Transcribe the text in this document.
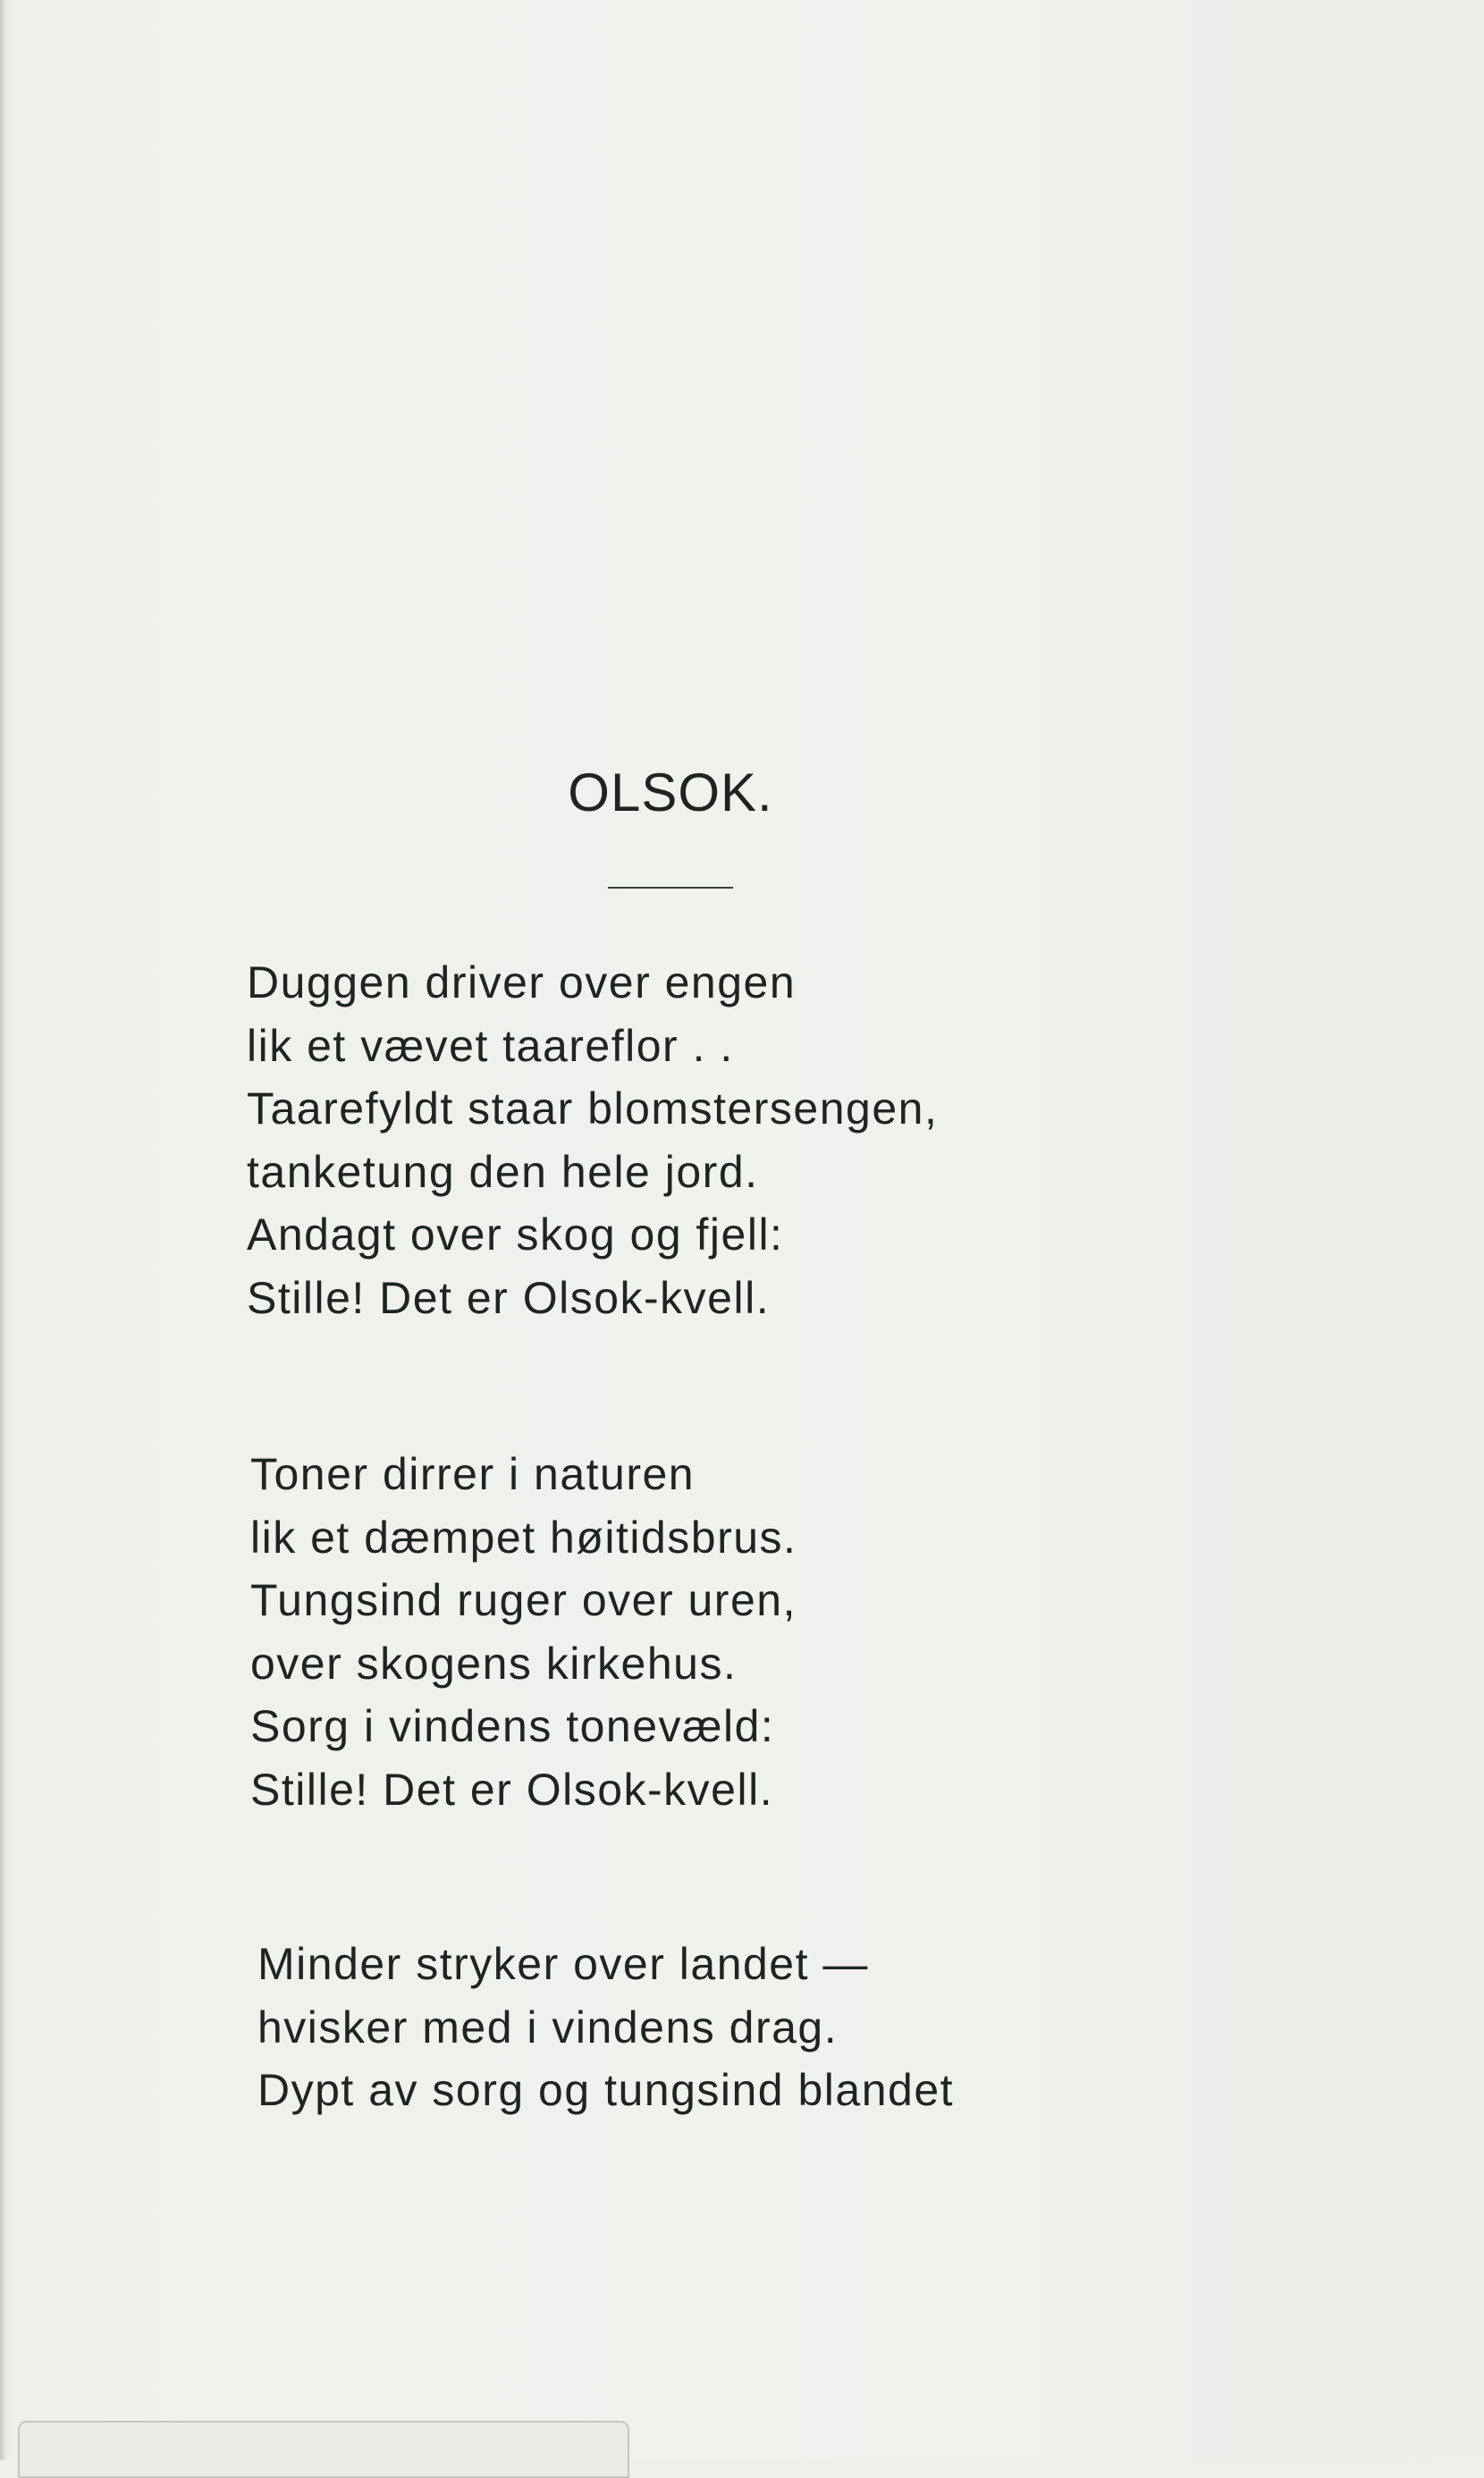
OLSOK.
Duggen driver over engen
lik et vævet taareflor . .
Taarefyldt staar blomstersengen,
tanketung den hele jord.
Andagt over skog og fjell:
Stille! Det er Olsok-kvell.
Toner dirrer i naturen
lik et dæmpet høitidsbrus.
Tungsind ruger over uren,
over skogens kirkehus.
Sorg i vindens tonevæld:
Stille! Det er Olsok-kvell.
Minder stryker over landet —
hvisker med i vindens drag.
Dypt av sorg og tungsind blandet
